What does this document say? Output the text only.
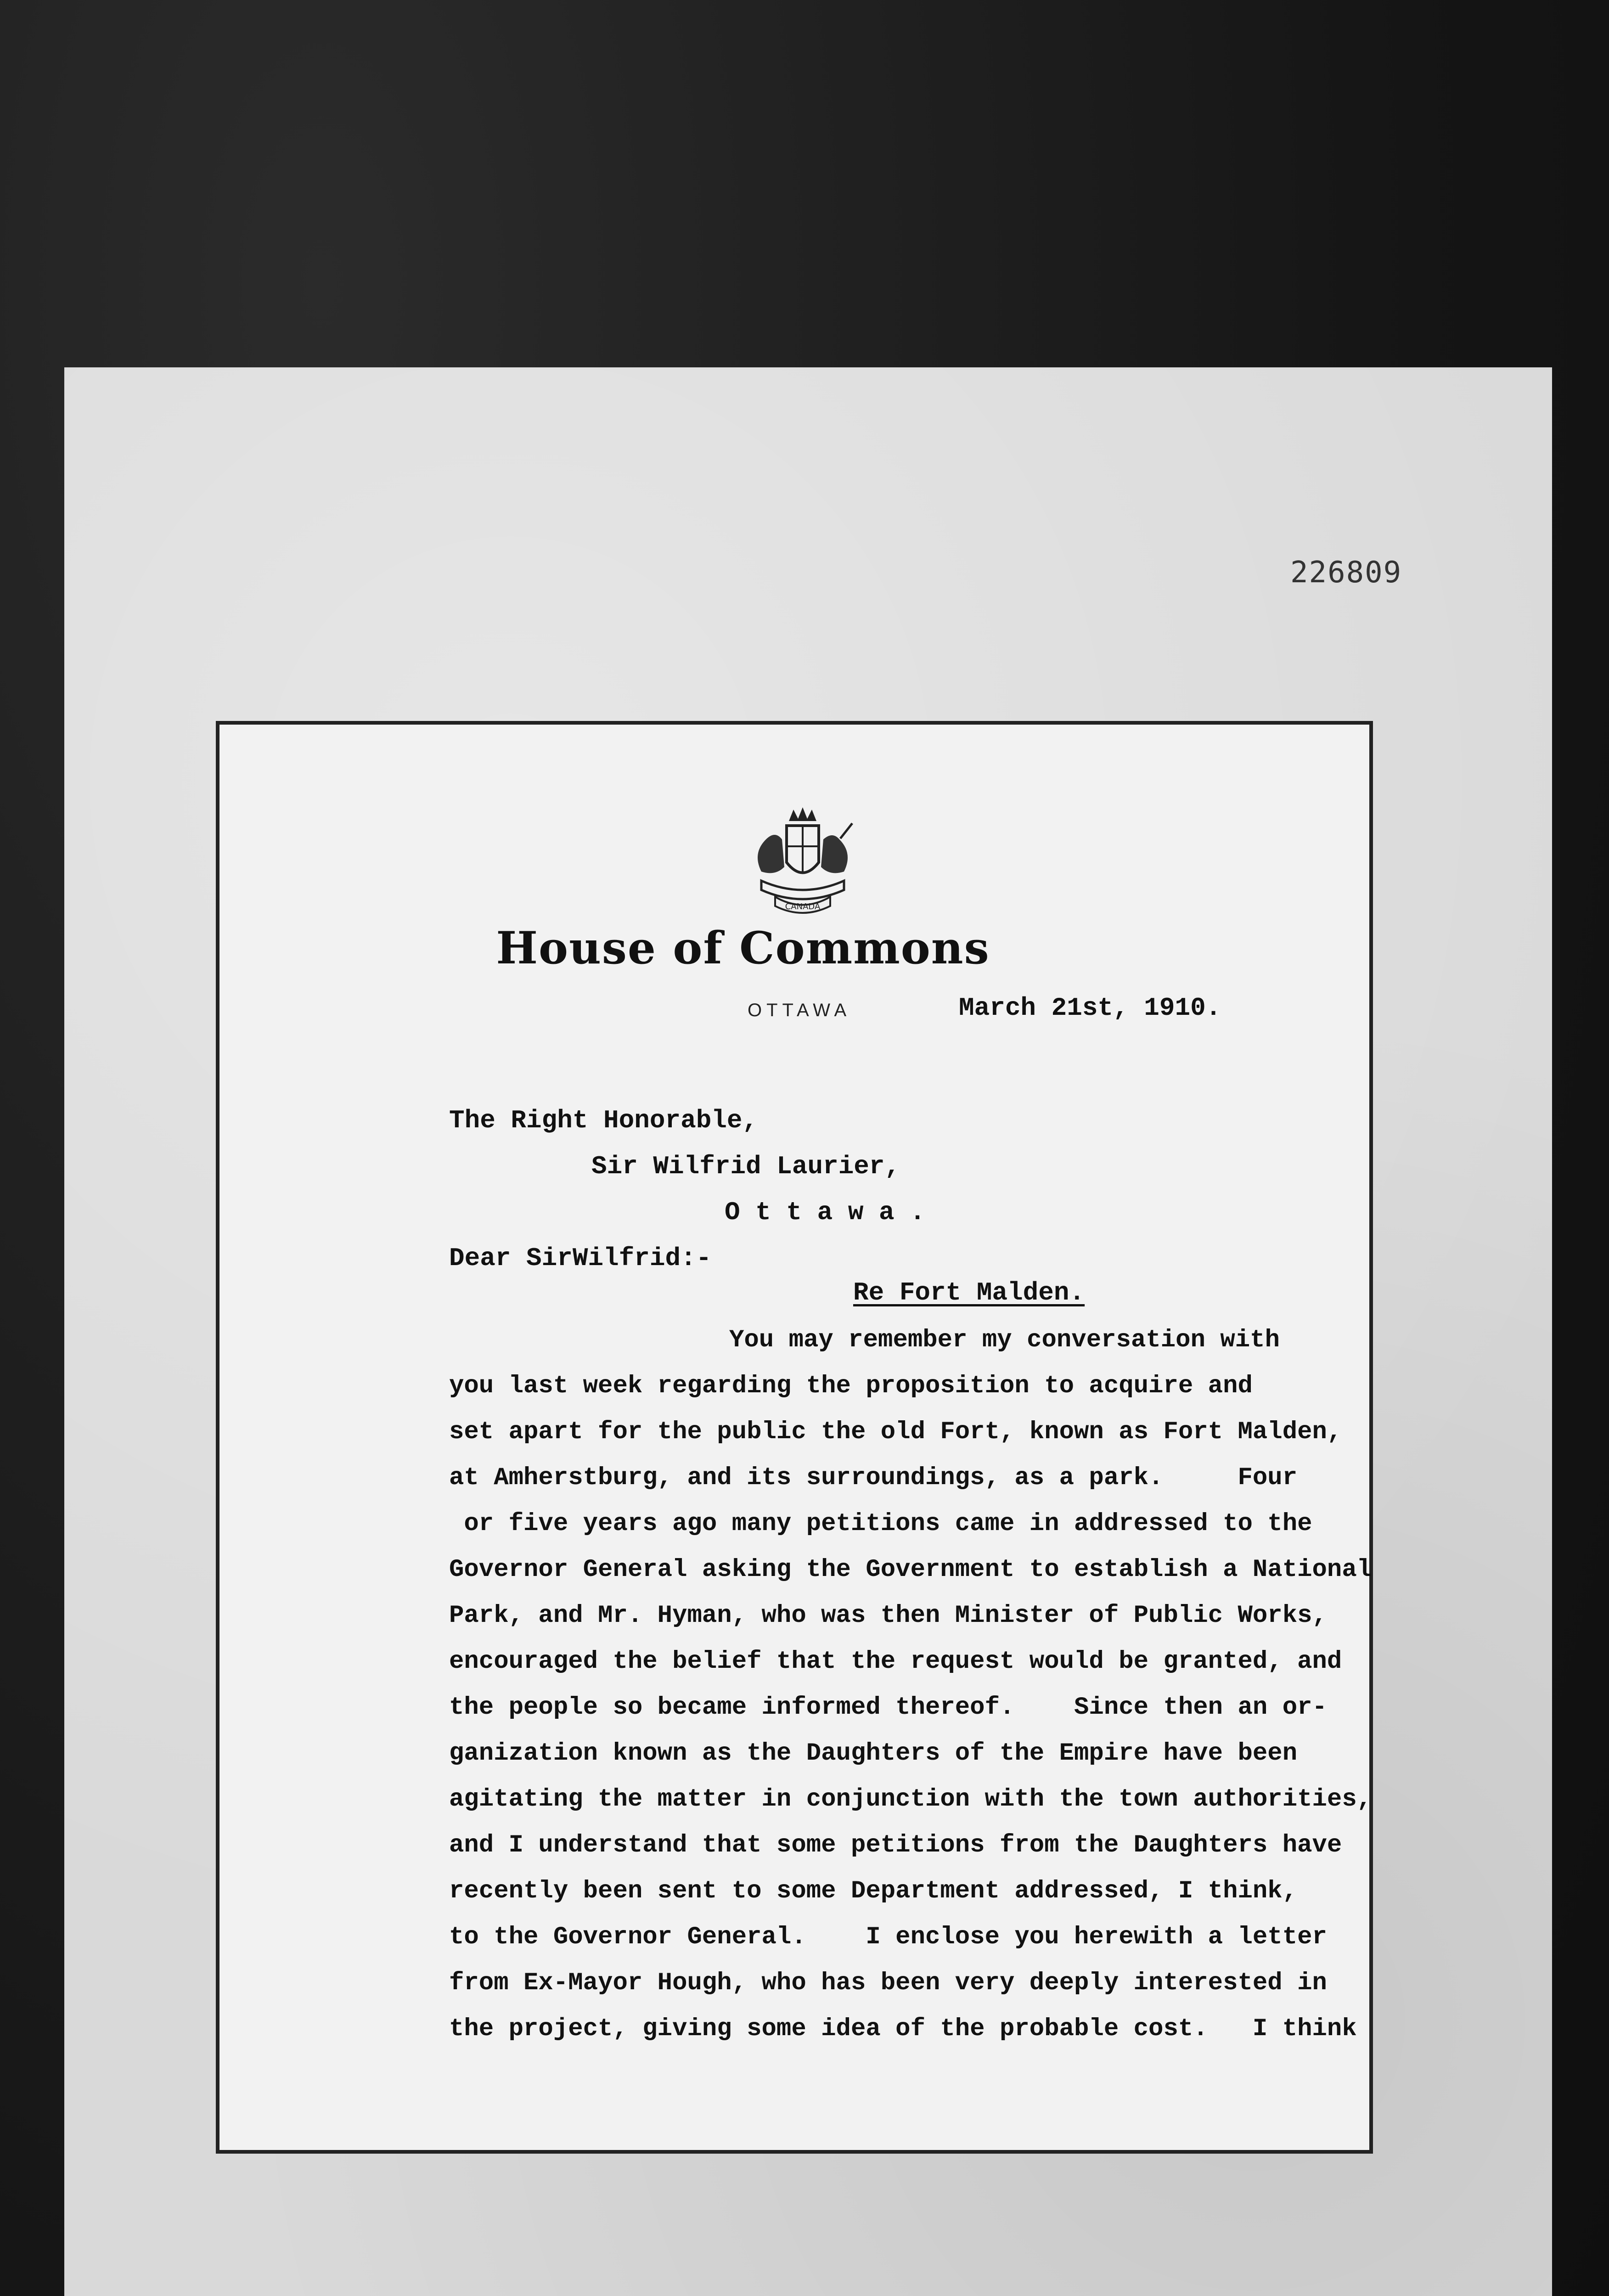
226809
CANADA
House of Commons
OTTAWA	March 21st, 1910.
The Right Honorable,
Sir Wilfrid Laurier,
O t t a w a .
Dear SirWilfrid:-
Re Fort Malden.
You may remember my conversation with
you last week regarding the proposition to acquire and
set apart for the public the old Fort, known as Fort Malden,
at Amherstburg, and its surroundings, as a park.     Four
or five years ago many petitions came in addressed to the
Governor General asking the Government to establish a National
Park, and Mr. Hyman, who was then Minister of Public Works,
encouraged the belief that the request would be granted, and
the people so became informed thereof.    Since then an or-
ganization known as the Daughters of the Empire have been
agitating the matter in conjunction with the town authorities,
and I understand that some petitions from the Daughters have
recently been sent to some Department addressed, I think,
to the Governor General.    I enclose you herewith a letter
from Ex-Mayor Hough, who has been very deeply interested in
the project, giving some idea of the probable cost.   I think
